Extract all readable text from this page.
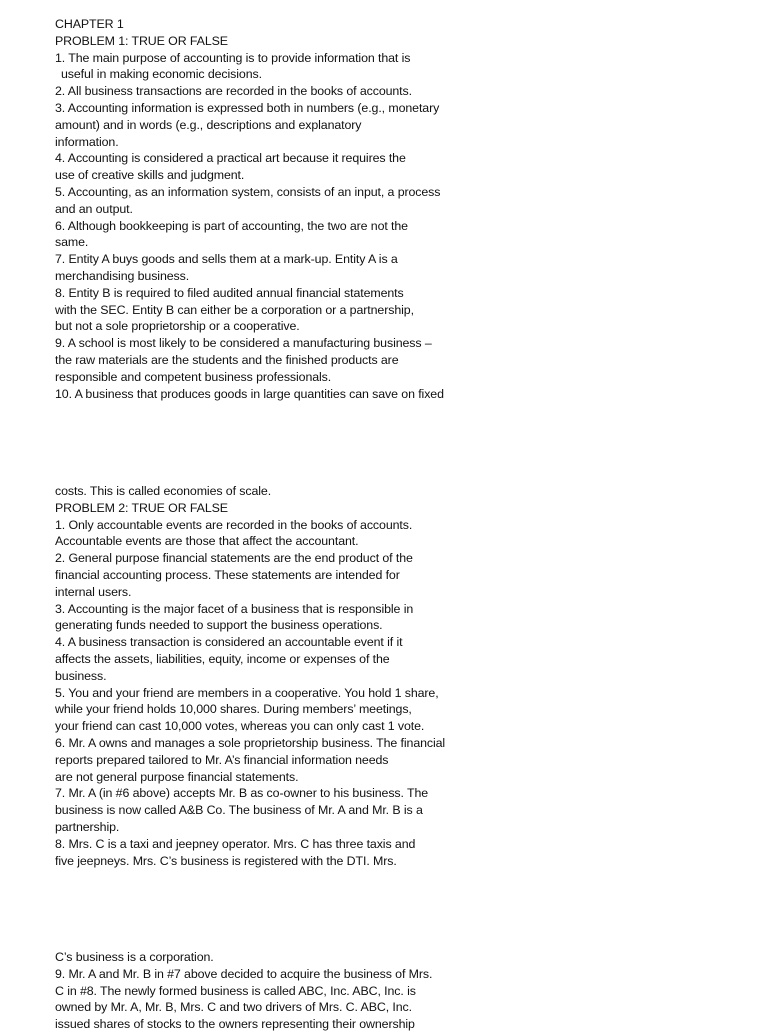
CHAPTER 1
PROBLEM 1: TRUE OR FALSE
1. The main purpose of accounting is to provide information that is
useful in making economic decisions.
2. All business transactions are recorded in the books of accounts.
3. Accounting information is expressed both in numbers (e.g., monetary
amount) and in words (e.g., descriptions and explanatory
information.
4. Accounting is considered a practical art because it requires the
use of creative skills and judgment.
5. Accounting, as an information system, consists of an input, a process
and an output.
6. Although bookkeeping is part of accounting, the two are not the
same.
7. Entity A buys goods and sells them at a mark-up. Entity A is a
merchandising business.
8. Entity B is required to filed audited annual financial statements
with the SEC. Entity B can either be a corporation or a partnership,
but not a sole proprietorship or a cooperative.
9. A school is most likely to be considered a manufacturing business –
the raw materials are the students and the finished products are
responsible and competent business professionals.
10. A business that produces goods in large quantities can save on fixed
costs. This is called economies of scale.
PROBLEM 2: TRUE OR FALSE
1. Only accountable events are recorded in the books of accounts.
Accountable events are those that affect the accountant.
2. General purpose financial statements are the end product of the
financial accounting process. These statements are intended for
internal users.
3. Accounting is the major facet of a business that is responsible in
generating funds needed to support the business operations.
4. A business transaction is considered an accountable event if it
affects the assets, liabilities, equity, income or expenses of the
business.
5. You and your friend are members in a cooperative. You hold 1 share,
while your friend holds 10,000 shares. During members’ meetings,
your friend can cast 10,000 votes, whereas you can only cast 1 vote.
6. Mr. A owns and manages a sole proprietorship business. The financial
reports prepared tailored to Mr. A’s financial information needs
are not general purpose financial statements.
7. Mr. A (in #6 above) accepts Mr. B as co-owner to his business. The
business is now called A&B Co. The business of Mr. A and Mr. B is a
partnership.
8. Mrs. C is a taxi and jeepney operator. Mrs. C has three taxis and
five jeepneys. Mrs. C’s business is registered with the DTI. Mrs.
C’s business is a corporation.
9. Mr. A and Mr. B in #7 above decided to acquire the business of Mrs.
C in #8. The newly formed business is called ABC, Inc. ABC, Inc. is
owned by Mr. A, Mr. B, Mrs. C and two drivers of Mrs. C. ABC, Inc.
issued shares of stocks to the owners representing their ownership
